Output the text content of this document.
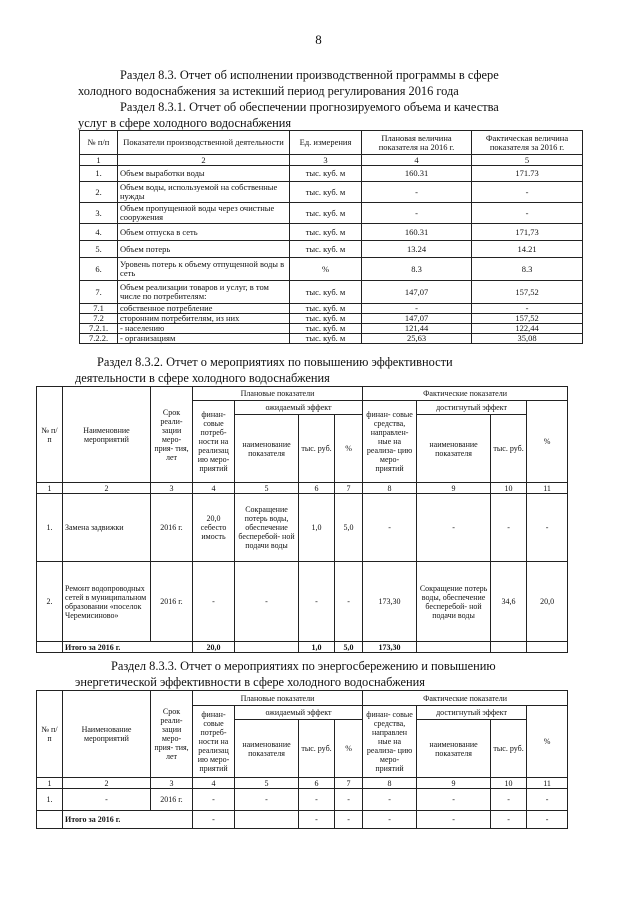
8
Раздел 8.3. Отчет об исполнении производственной программы в сфере
холодного водоснабжения за истекший период регулирования 2016 года
Раздел 8.3.1. Отчет об обеспечении прогнозируемого объема и качества
услуг в сфере холодного водоснабжения
№ п/п	Показатели производственной деятельности	Ед. измерения	Плановая величина показателя на 2016 г.	Фактическая величина показателя за 2016 г.
1	2	3	4	5
1.	Объем выработки воды	тыс. куб. м	160.31	171.73
2.	Объем воды, используемой на собственные нужды	тыс. куб. м	-	-
3.	Объем пропущенной воды через очистные сооружения	тыс. куб. м	-	-
4.	Объем отпуска в сеть	тыс. куб. м	160.31	171,73
5.	Объем потерь	тыс. куб. м	13.24	14.21
6.	Уровень потерь к объему отпущенной воды в сеть	%	8.3	8.3
7.	Объем реализации товаров и услуг, в том числе по потребителям:	тыс. куб. м	147,07	157,52
7.1	собственное потребление	тыс. куб. м	-	-
7.2	сторонним потребителям, из них	тыс. куб. м	147,07	157,52
7.2.1.	- населению	тыс. куб. м	121,44	122,44
7.2.2.	- организациям	тыс. куб. м	25,63	35,08
Раздел 8.3.2. Отчет о мероприятиях по повышению эффективности
деятельности в сфере холодного водоснабжения
№ п/ п	Наименовние мероприятий	Срок реали- зации меро- прия- тия, лет	Плановые показатели				Фактические показатели			
			финан- совые потреб- ности на реализац ию меро- приятий	ожидаемый эффект			финан- совые средства, направлен- ные на реализа- цию меро- приятий	достигнутый эффект		%
				наименование показателя	тыс. руб.	%		наименование показателя	тыс. руб.	
1	2	3	4	5	6	7	8	9	10	11
1.	Замена задвижки	2016 г.	20,0 себесто имость	Сокращение потерь воды, обеспечение бесперебой- ной подачи воды	1,0	5,0	-	-	-	-
2.	Ремонт водопроводных сетей в муниципальном образовании «поселок Черемисиново»	2016 г.	-	-	-	-	173,30	Сокращение потерь воды, обеспечение бесперебой- ной подачи воды	34,6	20,0
	Итого за 2016 г.		20,0		1,0	5,0	173,30			
Раздел 8.3.3. Отчет о мероприятиях по энергосбережению и повышению
энергетической эффективности в сфере холодного водоснабжения
№ п/ п	Наименование мероприятий	Срок реали- зации меро- прия- тия, лет	Плановые показатели				Фактические показатели			
			финан- совые потреб- ности на реализац ию меро- приятий	ожидаемый эффект			финан- совые средства, направлен ные на реализа- цию меро- приятий	достигнутый эффект		%
				наименование показателя	тыс. руб.	%		наименование показателя	тыс. руб.	
1	2	3	4	5	6	7	8	9	10	11
1.	-	2016 г.	-	-	-	-	-	-	-	-
	Итого за 2016 г.		-		-	-	-	-	-	-
